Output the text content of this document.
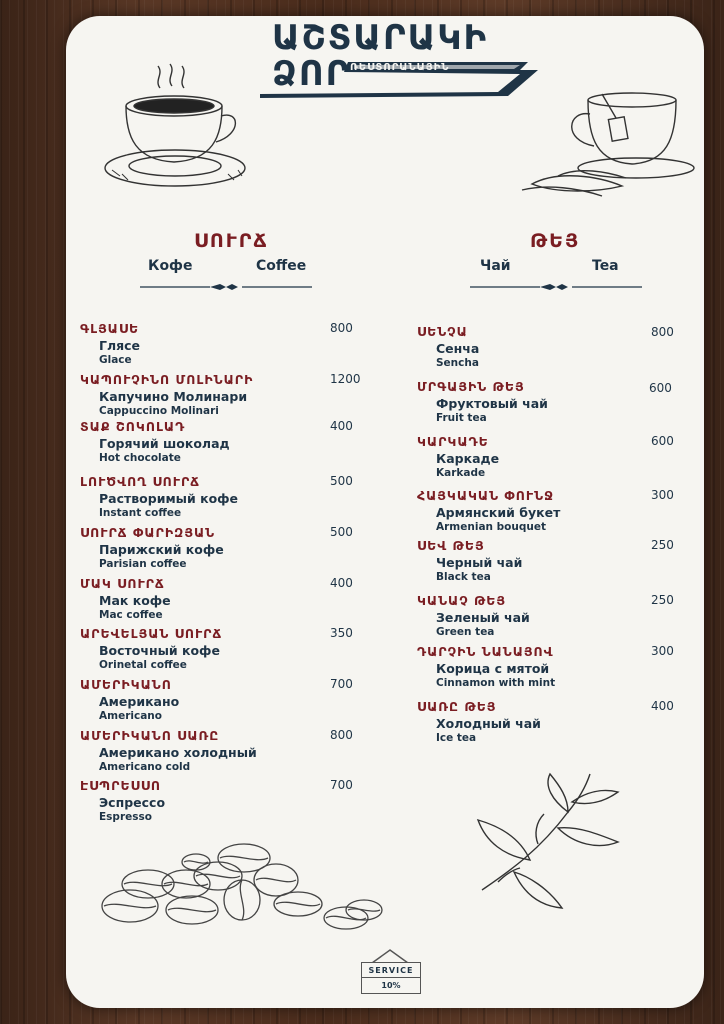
ԱՇՏԱՐԱԿԻ
ՁՈՐ ՌԵՍՏՈՐԱՆԱՅԻՆ
ՀԱՄԱԼԻՐ
ՍՈՒՐՃ
Кофе	Coffee
ԹԵՅ
Чай	Tea
ԳԼՅԱՍԵ
Глясе
Glace
800
ԿԱՊՈՒՉԻՆՈ ՄՈԼԻՆԱՐԻ
Капучино Молинари
Cappuccino Molinari
1200
ՏԱՔ ՇՈԿՈԼԱԴ
Горячий шоколад
Hot chocolate
400
ԼՈՒԾՎՈՂ ՍՈՒՐՃ
Растворимый кофе
Instant coffee
500
ՍՈՒՐՃ ՓԱՐԻԶՅԱՆ
Парижский кофе
Parisian coffee
500
ՄԱԿ ՍՈՒՐՃ
Мак кофе
Mac coffee
400
ԱՐԵՎԵԼՅԱՆ ՍՈՒՐՃ
Восточный кофе
Orinetal coffee
350
ԱՄԵՐԻԿԱՆՈ
Американо
Americano
700
ԱՄԵՐԻԿԱՆՈ ՍԱՌԸ
Американо холодный
Americano cold
800
ԷՍՊՐԵՍՍՈ
Эспрессо
Espresso
700
ՍԵՆՉԱ
Сенча
Sencha
800
ՄՐԳԱՅԻՆ ԹԵՅ
Фруктовый чай
Fruit tea
600
ԿԱՐԿԱԴԵ
Каркаде
Karkade
600
ՀԱՅԿԱԿԱՆ ՓՈՒՆՋ
Армянский букет
Armenian bouquet
300
ՍԵՎ ԹԵՅ
Черный чай
Black tea
250
ԿԱՆԱՉ ԹԵՅ
Зеленый чай
Green tea
250
ԴԱՐՉԻՆ ՆԱՆԱՅՈՎ
Корица с мятой
Cinnamon with mint
300
ՍԱՌԸ ԹԵՅ
Холодный чай
Ice tea
400
SERVICE
10%
